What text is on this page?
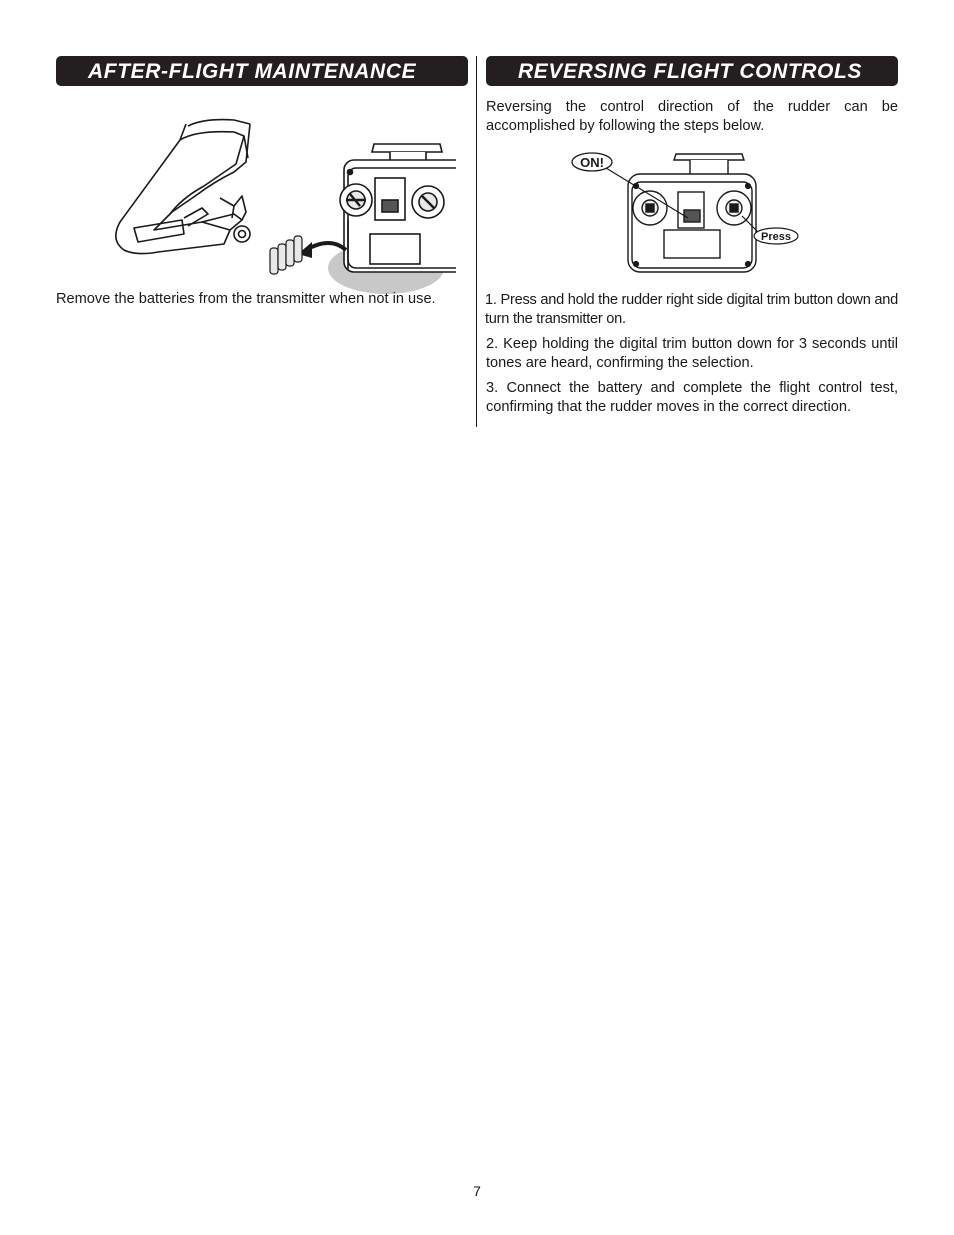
AFTER-FLIGHT MAINTENANCE
Remove the batteries from the transmitter when not in use.
REVERSING FLIGHT CONTROLS

Reversing the control direction of the rudder can be
accomplished by following the steps below.

ON!
Press

1. Press and hold the rudder right side digital trim button down and turn the transmitter on.

2. Keep holding the digital trim button down for 3 seconds until tones are heard, confirming the selection.

3. Connect the battery and complete the flight control test, confirming that the rudder moves in the correct direction.

7
